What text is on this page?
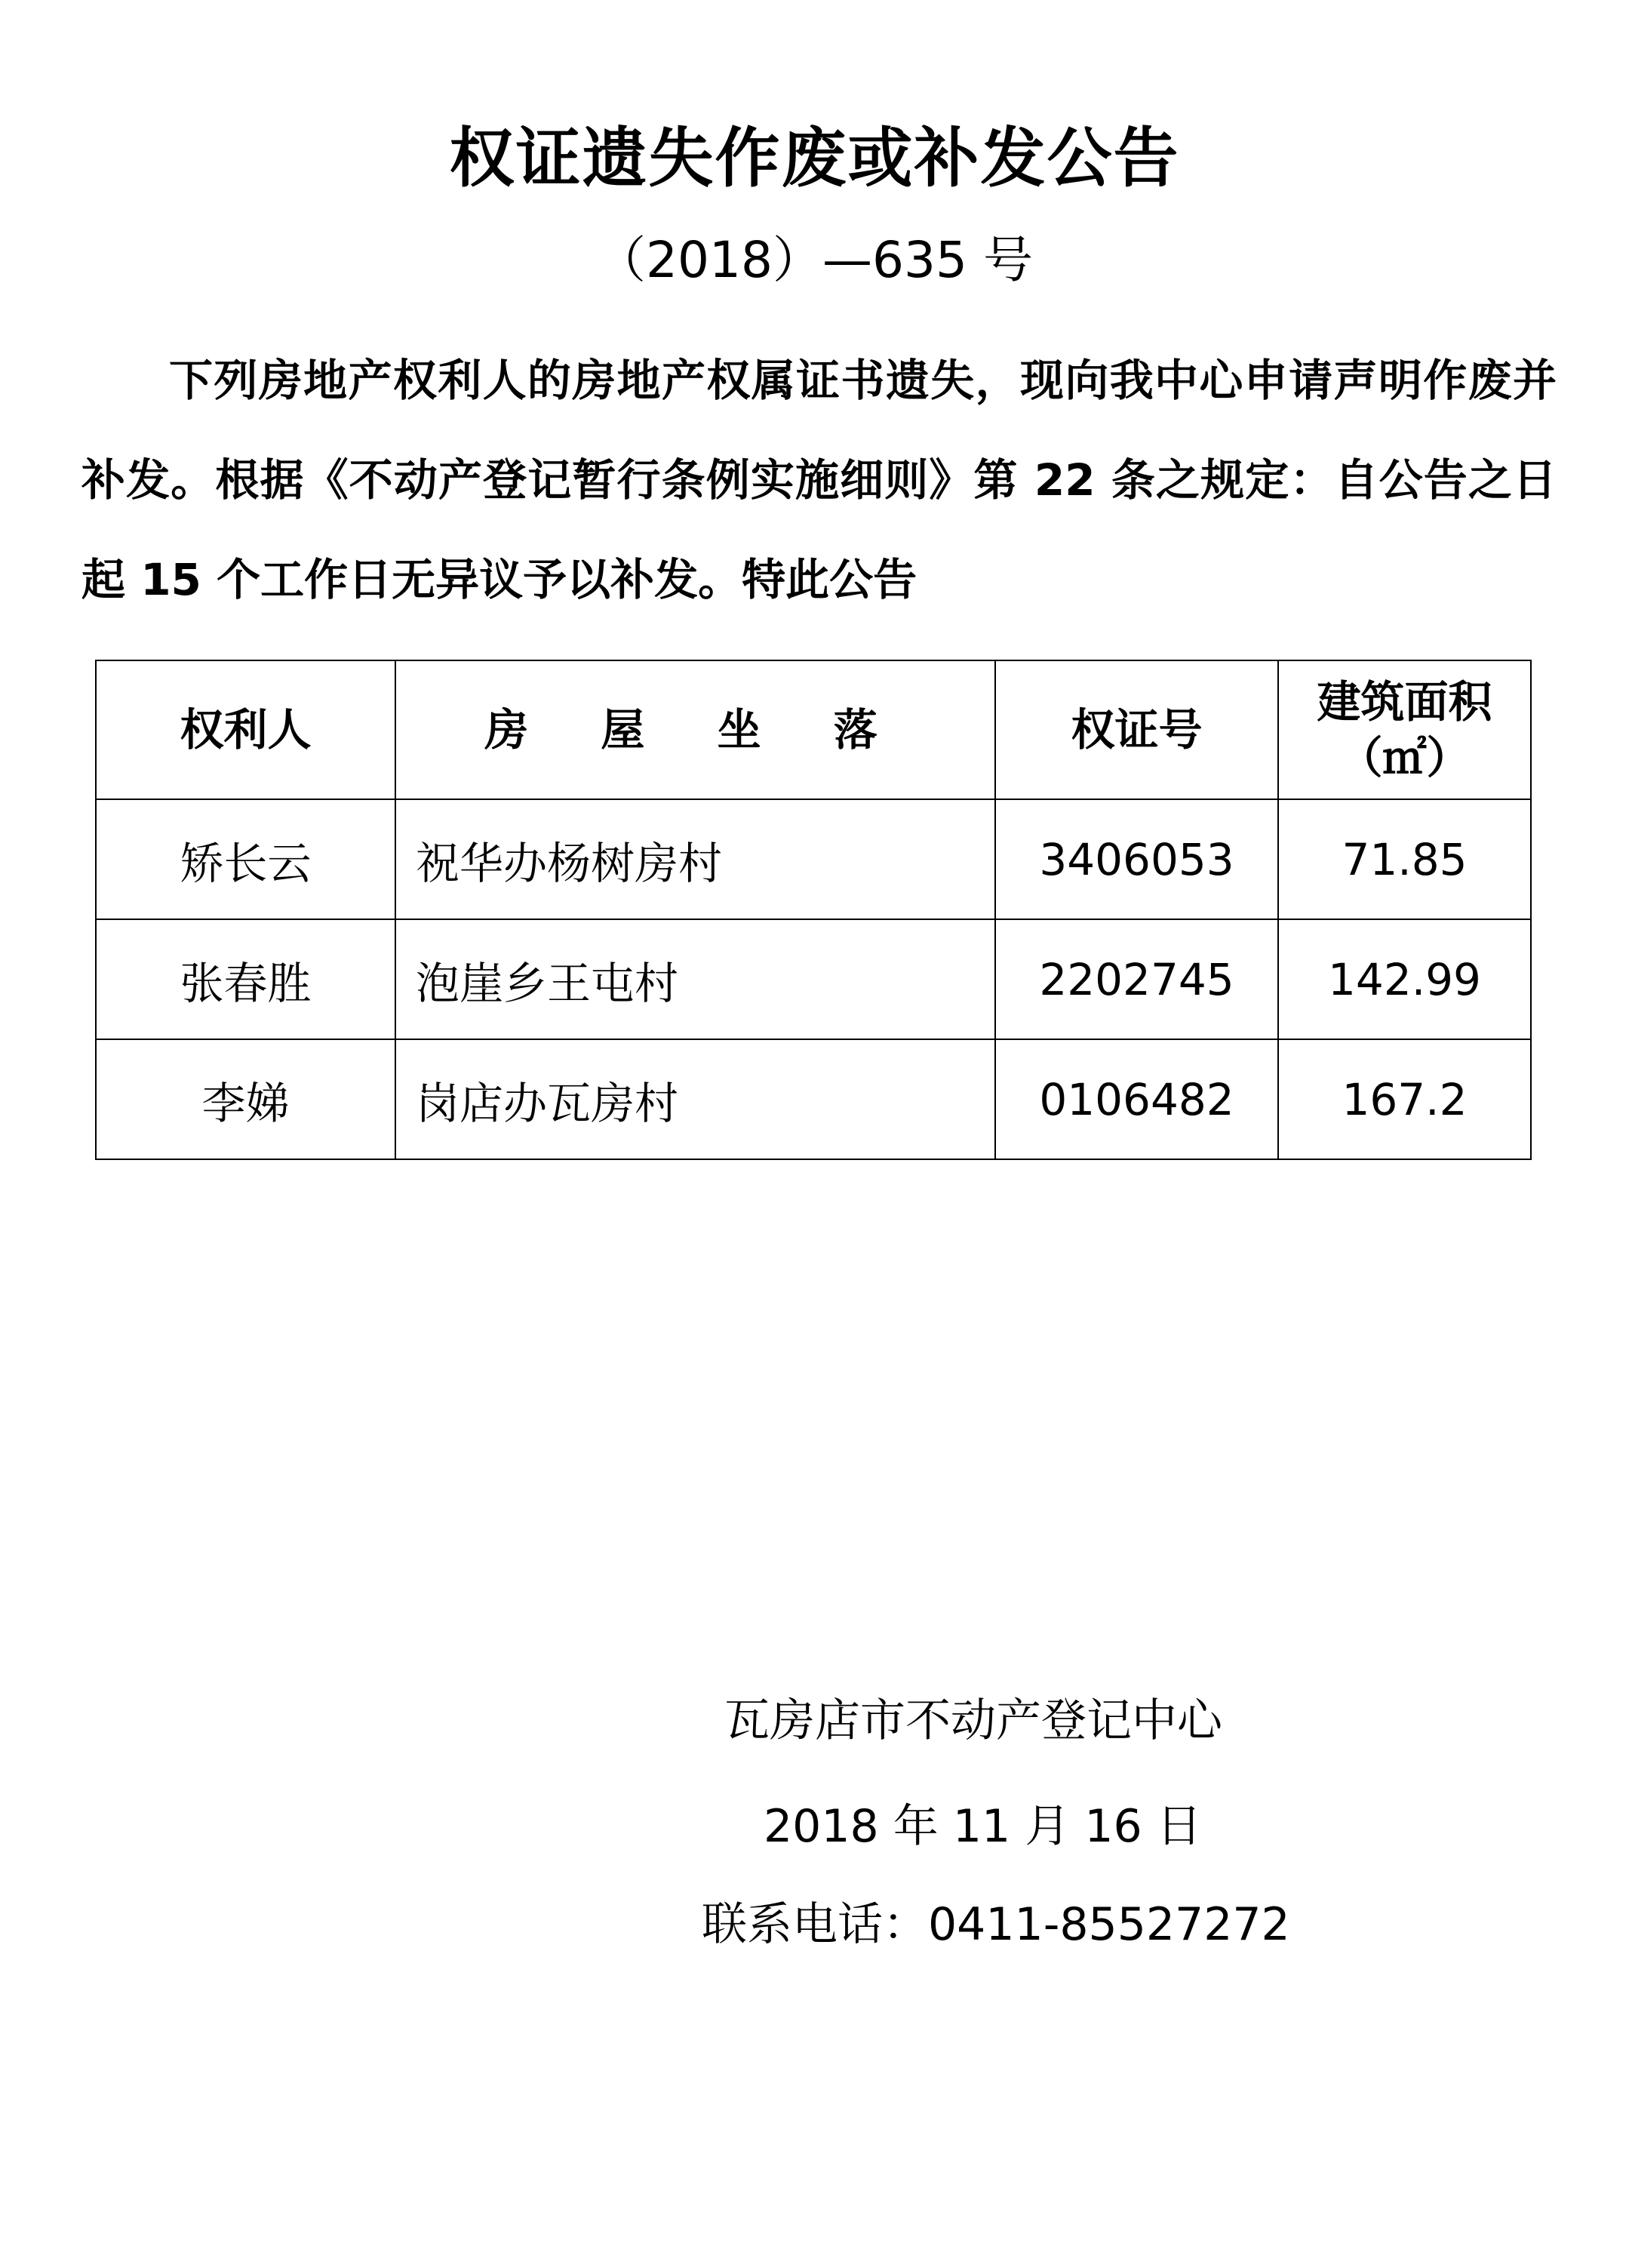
权证遗失作废或补发公告
（2018）—635 号
下列房地产权利人的房地产权属证书遗失，现向我中心申请声明作废并补发。根据《不动产登记暂行条例实施细则》第 22 条之规定：自公告之日起 15 个工作日无异议予以补发。特此公告
权利人	房 屋 坐 落	权证号	建筑面积
（㎡）

矫长云	祝华办杨树房村	3406053	71.85
张春胜	泡崖乡王屯村	2202745	142.99
李娣	岗店办瓦房村	0106482	167.2
瓦房店市不动产登记中心
2018 年 11 月 16 日
联系电话：0411-85527272
